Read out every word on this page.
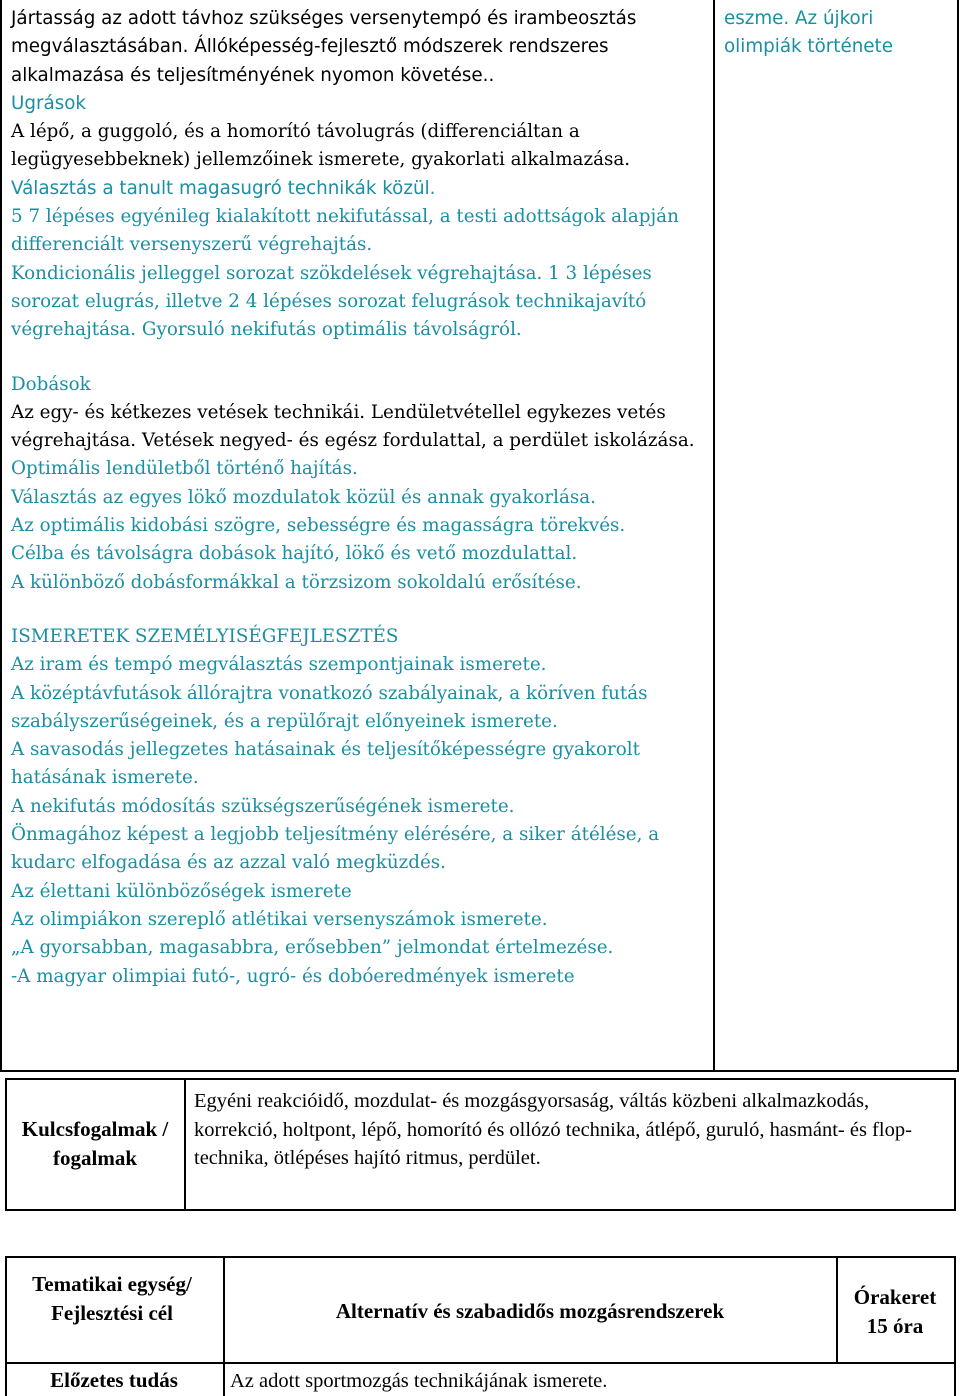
Jártasság az adott távhoz szükséges versenytempó és irambeosztás megválasztásában. Állóképesség-fejlesztő módszerek rendszeres alkalmazása és teljesítményének nyomon követése..

Ugrások

A lépő, a guggoló, és a homorító távolugrás (differenciáltan a legügyesebbeknek) jellemzőinek ismerete, gyakorlati alkalmazása.

Választás a tanult magasugró technikák közül.

5 7 lépéses egyénileg kialakított nekifutással, a testi adottságok alapján differenciált versenyszerű végrehajtás.

Kondicionális jelleggel sorozat szökdelések végrehajtása. 1 3 lépéses sorozat elugrás, illetve 2 4 lépéses sorozat felugrások technikajavító végrehajtása. Gyorsuló nekifutás optimális távolságról.

Dobások

Az egy- és kétkezes vetések technikái. Lendületvétellel egykezes vetés végrehajtása. Vetések negyed- és egész fordulattal, a perdület iskolázása.

Optimális lendületből történő hajítás.

Választás az egyes lökő mozdulatok közül és annak gyakorlása.

Az optimális kidobási szögre, sebességre és magasságra törekvés.

Célba és távolságra dobások hajító, lökő és vető mozdulattal.

A különböző dobásformákkal a törzsizom sokoldalú erősítése.

ISMERETEK SZEMÉLYISÉGFEJLESZTÉS

Az iram és tempó megválasztás szempontjainak ismerete.

A középtávfutások állórajtra vonatkozó szabályainak, a köríven futás szabályszerűségeinek, és a repülőrajt előnyeinek ismerete.

A savasodás jellegzetes hatásainak és teljesítőképességre gyakorolt hatásának ismerete.

A nekifutás módosítás szükségszerűségének ismerete.

Önmagához képest a legjobb teljesítmény elérésére, a siker átélése, a kudarc elfogadása és az azzal való megküzdés.

Az élettani különbözőségek ismerete

Az olimpiákon szereplő atlétikai versenyszámok ismerete.

„A gyorsabban, magasabbra, erősebben” jelmondat értelmezése.

-A magyar olimpiai futó-, ugró- és dobóeredmények ismerete

eszme. Az újkori olimpiák története

Kulcsfogalmak / fogalmak
Egyéni reakcióidő, mozdulat- és mozgásgyorsaság, váltás közbeni alkalmazkodás, korrekció, holtpont, lépő, homorító és ollózó technika, átlépő, guruló, hasmánt- és flop-technika, ötlépéses hajító ritmus, perdület.
Tematikai egység/ Fejlesztési cél	Alternatív és szabadidős mozgásrendszerek
Órakeret 15 óra
Előzetes tudás	Az adott sportmozgás technikájának ismerete.
